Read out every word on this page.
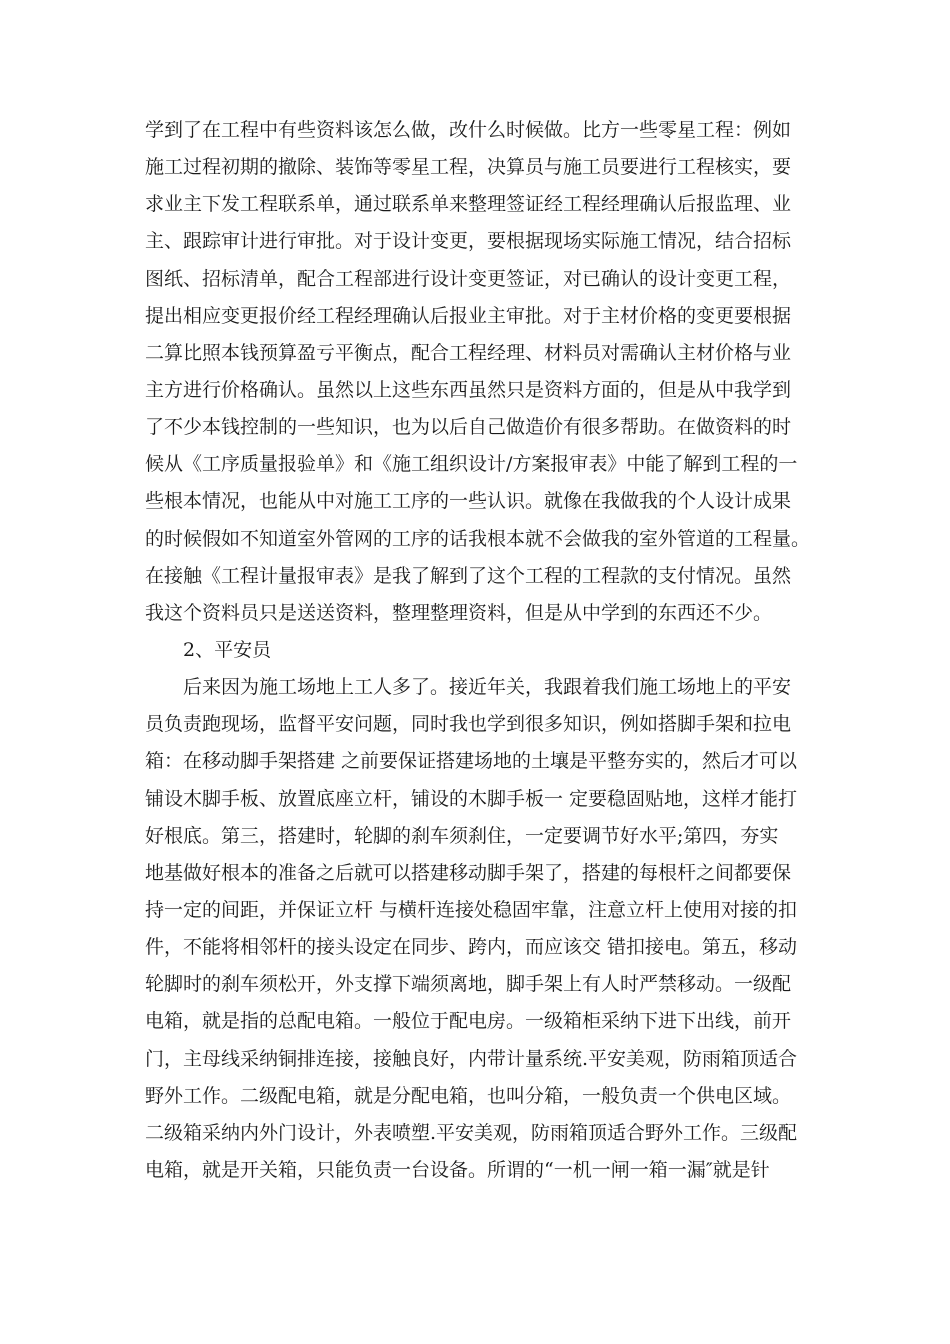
学到了在工程中有些资料该怎么做，改什么时候做。比方一些零星工程：例如
施工过程初期的撤除、装饰等零星工程，决算员与施工员要进行工程核实，要
求业主下发工程联系单，通过联系单来整理签证经工程经理确认后报监理、业
主、跟踪审计进行审批。对于设计变更，要根据现场实际施工情况，结合招标
图纸、招标清单，配合工程部进行设计变更签证，对已确认的设计变更工程，
提出相应变更报价经工程经理确认后报业主审批。对于主材价格的变更要根据
二算比照本钱预算盈亏平衡点，配合工程经理、材料员对需确认主材价格与业
主方进行价格确认。虽然以上这些东西虽然只是资料方面的，但是从中我学到
了不少本钱控制的一些知识，也为以后自己做造价有很多帮助。在做资料的时
候从《工序质量报验单》和《施工组织设计/方案报审表》中能了解到工程的一
些根本情况，也能从中对施工工序的一些认识。就像在我做我的个人设计成果
的时候假如不知道室外管网的工序的话我根本就不会做我的室外管道的工程量。
在接触《工程计量报审表》是我了解到了这个工程的工程款的支付情况。虽然
我这个资料员只是送送资料，整理整理资料，但是从中学到的东西还不少。
2、平安员
后来因为施工场地上工人多了。接近年关，我跟着我们施工场地上的平安
员负责跑现场，监督平安问题，同时我也学到很多知识，例如搭脚手架和拉电
箱：在移动脚手架搭建 之前要保证搭建场地的土壤是平整夯实的，然后才可以
铺设木脚手板、放置底座立杆，铺设的木脚手板一 定要稳固贴地，这样才能打
好根底。第三，搭建时，轮脚的刹车须刹住，一定要调节好水平;第四，夯实
地基做好根本的准备之后就可以搭建移动脚手架了，搭建的每根杆之间都要保
持一定的间距，并保证立杆 与横杆连接处稳固牢靠，注意立杆上使用对接的扣
件，不能将相邻杆的接头设定在同步、跨内，而应该交 错扣接电。第五，移动
轮脚时的刹车须松开，外支撑下端须离地，脚手架上有人时严禁移动。一级配
电箱，就是指的总配电箱。一般位于配电房。一级箱柜采纳下进下出线，前开
门，主母线采纳铜排连接，接触良好，内带计量系统.平安美观，防雨箱顶适合
野外工作。二级配电箱，就是分配电箱，也叫分箱，一般负责一个供电区域。
二级箱采纳内外门设计，外表喷塑.平安美观，防雨箱顶适合野外工作。三级配
电箱，就是开关箱，只能负责一台设备。所谓的“一机一闸一箱一漏″就是针
